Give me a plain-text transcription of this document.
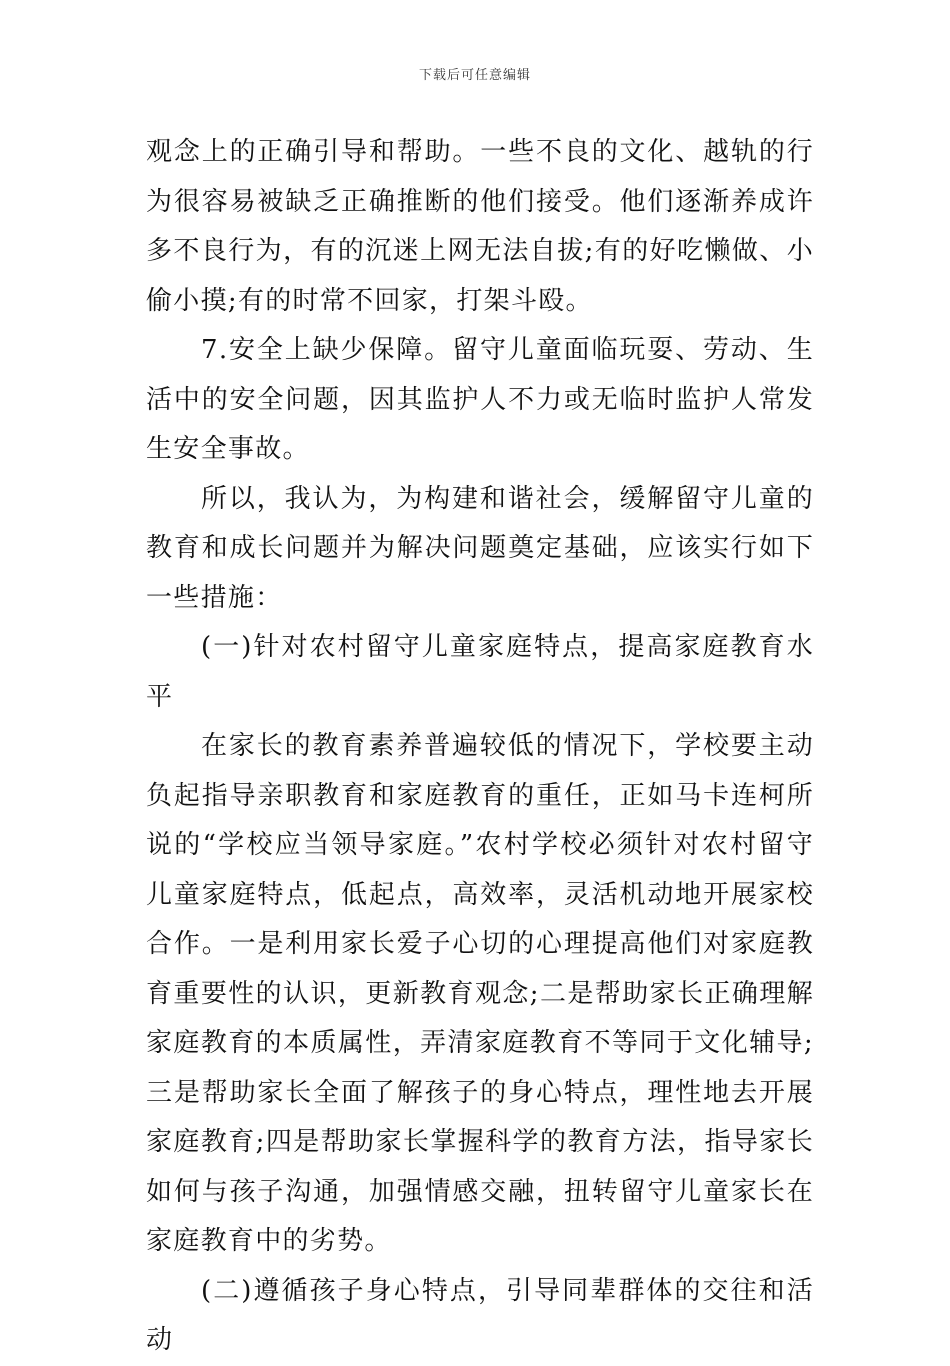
下载后可任意编辑

观念上的正确引导和帮助。一些不良的文化、越轨的行为很容易被缺乏正确推断的他们接受。他们逐渐养成许多不良行为，有的沉迷上网无法自拔;有的好吃懒做、小偷小摸;有的时常不回家，打架斗殴。

7.安全上缺少保障。留守儿童面临玩耍、劳动、生活中的安全问题，因其监护人不力或无临时监护人常发生安全事故。

所以，我认为，为构建和谐社会，缓解留守儿童的教育和成长问题并为解决问题奠定基础，应该实行如下一些措施：

(一)针对农村留守儿童家庭特点，提高家庭教育水平

在家长的教育素养普遍较低的情况下，学校要主动负起指导亲职教育和家庭教育的重任，正如马卡连柯所说的“学校应当领导家庭。”农村学校必须针对农村留守儿童家庭特点，低起点，高效率，灵活机动地开展家校合作。一是利用家长爱子心切的心理提高他们对家庭教育重要性的认识，更新教育观念;二是帮助家长正确理解家庭教育的本质属性，弄清家庭教育不等同于文化辅导;三是帮助家长全面了解孩子的身心特点，理性地去开展家庭教育;四是帮助家长掌握科学的教育方法，指导家长如何与孩子沟通，加强情感交融，扭转留守儿童家长在家庭教育中的劣势。

(二)遵循孩子身心特点，引导同辈群体的交往和活动
